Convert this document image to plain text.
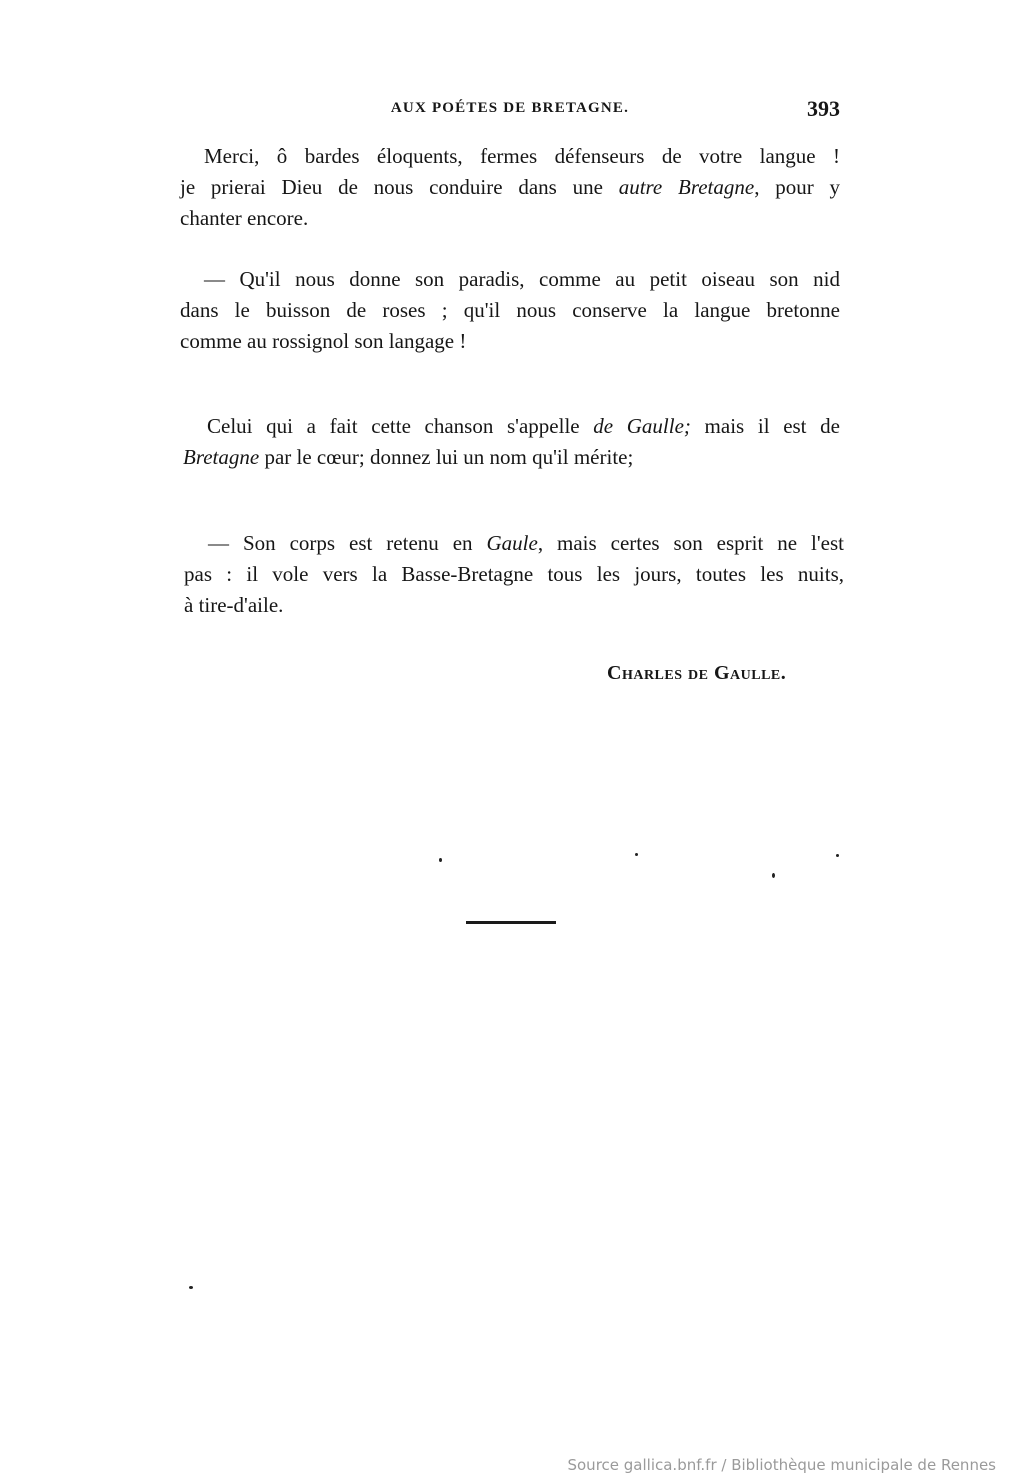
AUX POÉTES DE BRETAGNE.	393
Merci, ô bardes éloquents, fermes défenseurs de votre langue !
je prierai Dieu de nous conduire dans une autre Bretagne, pour y
chanter encore.
— Qu'il nous donne son paradis, comme au petit oiseau son nid
dans le buisson de roses ; qu'il nous conserve la langue bretonne
comme au rossignol son langage !
Celui qui a fait cette chanson s'appelle de Gaulle; mais il est de
Bretagne par le cœur; donnez lui un nom qu'il mérite;
— Son corps est retenu en Gaule, mais certes son esprit ne l'est
pas : il vole vers la Basse-Bretagne tous les jours, toutes les nuits,
à tire-d'aile.
Charles de Gaulle.
Source gallica.bnf.fr / Bibliothèque municipale de Rennes
